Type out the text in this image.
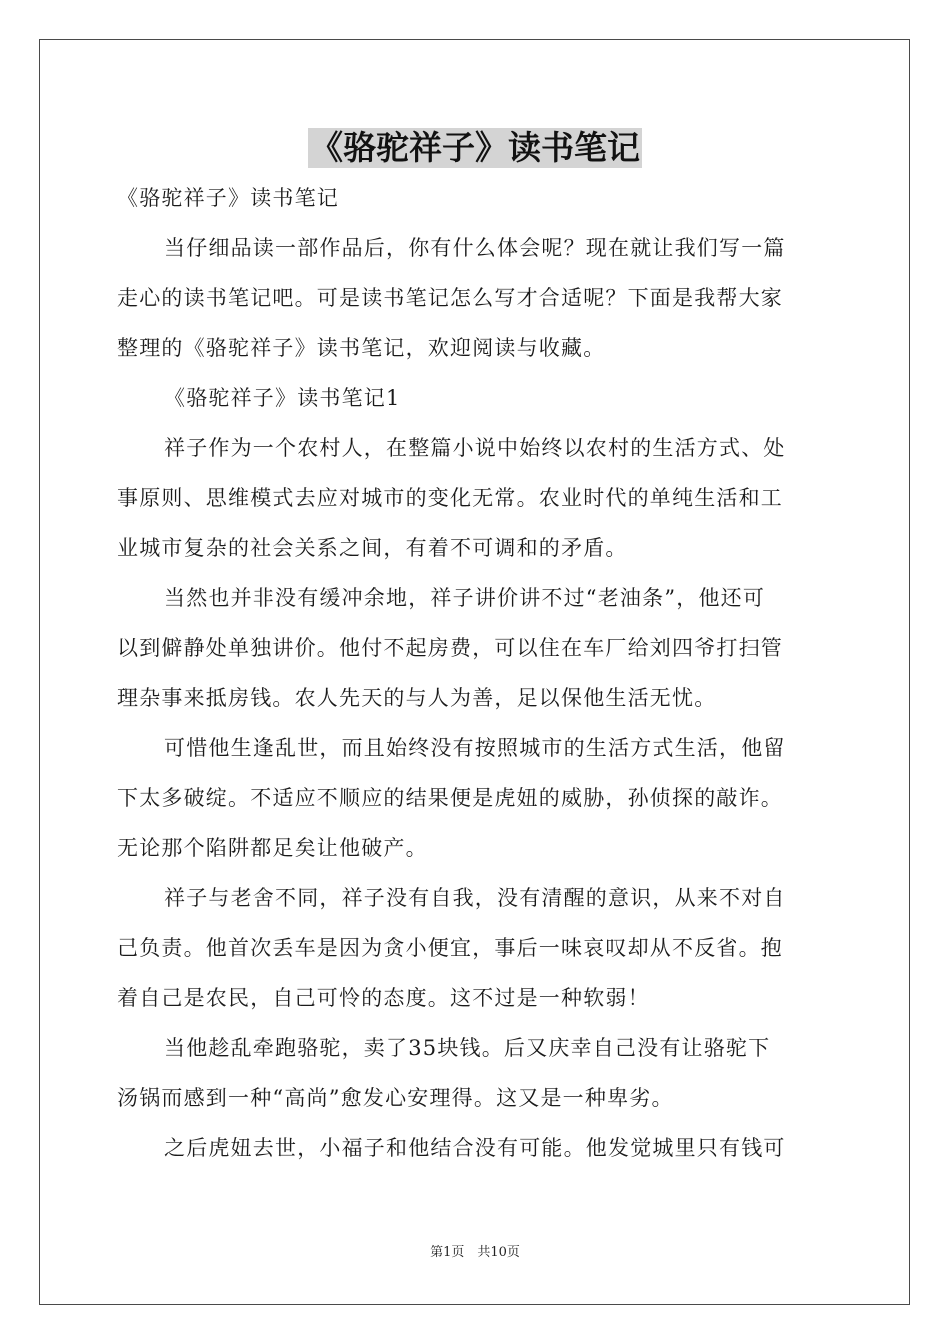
《骆驼祥子》读书笔记

《骆驼祥子》读书笔记

当仔细品读一部作品后，你有什么体会呢？现在就让我们写一篇

走心的读书笔记吧。可是读书笔记怎么写才合适呢？下面是我帮大家

整理的《骆驼祥子》读书笔记，欢迎阅读与收藏。

《骆驼祥子》读书笔记1

祥子作为一个农村人，在整篇小说中始终以农村的生活方式、处

事原则、思维模式去应对城市的变化无常。农业时代的单纯生活和工

业城市复杂的社会关系之间，有着不可调和的矛盾。

当然也并非没有缓冲余地，祥子讲价讲不过“老油条”，他还可

以到僻静处单独讲价。他付不起房费，可以住在车厂给刘四爷打扫管

理杂事来抵房钱。农人先天的与人为善，足以保他生活无忧。

可惜他生逢乱世，而且始终没有按照城市的生活方式生活，他留

下太多破绽。不适应不顺应的结果便是虎妞的威胁，孙侦探的敲诈。

无论那个陷阱都足矣让他破产。

祥子与老舍不同，祥子没有自我，没有清醒的意识，从来不对自

己负责。他首次丢车是因为贪小便宜，事后一味哀叹却从不反省。抱

着自己是农民，自己可怜的态度。这不过是一种软弱！

当他趁乱牵跑骆驼，卖了35块钱。后又庆幸自己没有让骆驼下

汤锅而感到一种“高尚”愈发心安理得。这又是一种卑劣。

之后虎妞去世，小福子和他结合没有可能。他发觉城里只有钱可

第1页　共10页
